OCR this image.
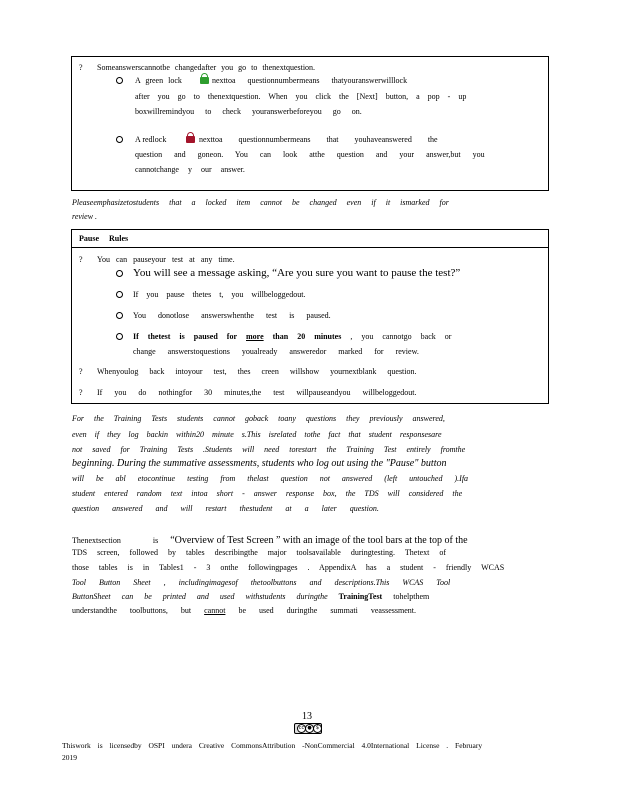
? Someanswerscannotbe changedafter you go to thenextquestion.
A green lock	nexttoa questionnumbermeans thatyouranswerwilllock
after you go to thenextquestion. When you click the [Next] button, a pop - up
boxwillremindyou to check youranswerbeforeyou go on.
A redlock	nexttoa questionnumbermeans that youhaveanswered the
question and goneon. You can look atthe question and your answer,but you
cannotchange y our answer.
Pleaseemphasizetostudents that a locked item cannot be changed even if it ismarked for
review .
Pause Rules
? You can pauseyour test at any time.
You will see a message asking, “Are you sure you want to pause the test?”
If you pause thetes t, you willbeloggedout.
You donotlose answerswhenthe test is paused.
If thetest is paused for more than 20 minutes , you cannotgo back or
change answerstoquestions youalready answeredor marked for review.
? Whenyoulog back intoyour test, thes creen willshow yournextblank question.
? If you do nothingfor 30 minutes,the test willpauseandyou willbeloggedout.
For the Training Tests students cannot goback toany questions they previously answered,
even if they log backin within20 minute s.This isrelated tothe fact that student responsesare
not saved for Training Tests .Students will need torestart the Training Test entirely fromthe
beginning. During the summative assessments, students who log out using the "Pause" button
will be abl etocontinue testing from thelast question not answered (left untouched ).Ifa
student entered random text intoa short - answer response box, the TDS will considered the
question answered and will restart thestudent at a later question.
Thenextsection is “Overview of Test Screen ” with an image of the tool bars at the top of the
TDS screen, followed by tables describingthe major toolsavailable duringtesting. Thetext of
those tables is in Tables1 - 3 onthe followingpages . AppendixA has a student - friendly WCAS
Tool Button Sheet , includingimagesof thetoolbuttons and descriptions.This WCAS Tool
ButtonSheet can be printed and used withstudents duringthe TrainingTest tohelpthem
understandthe toolbuttons, but cannot be used duringthe summati veassessment.
13
cc ● $
Thiswork is licensedby OSPI undera Creative CommonsAttribution -NonCommercial 4.0International License . February
2019
